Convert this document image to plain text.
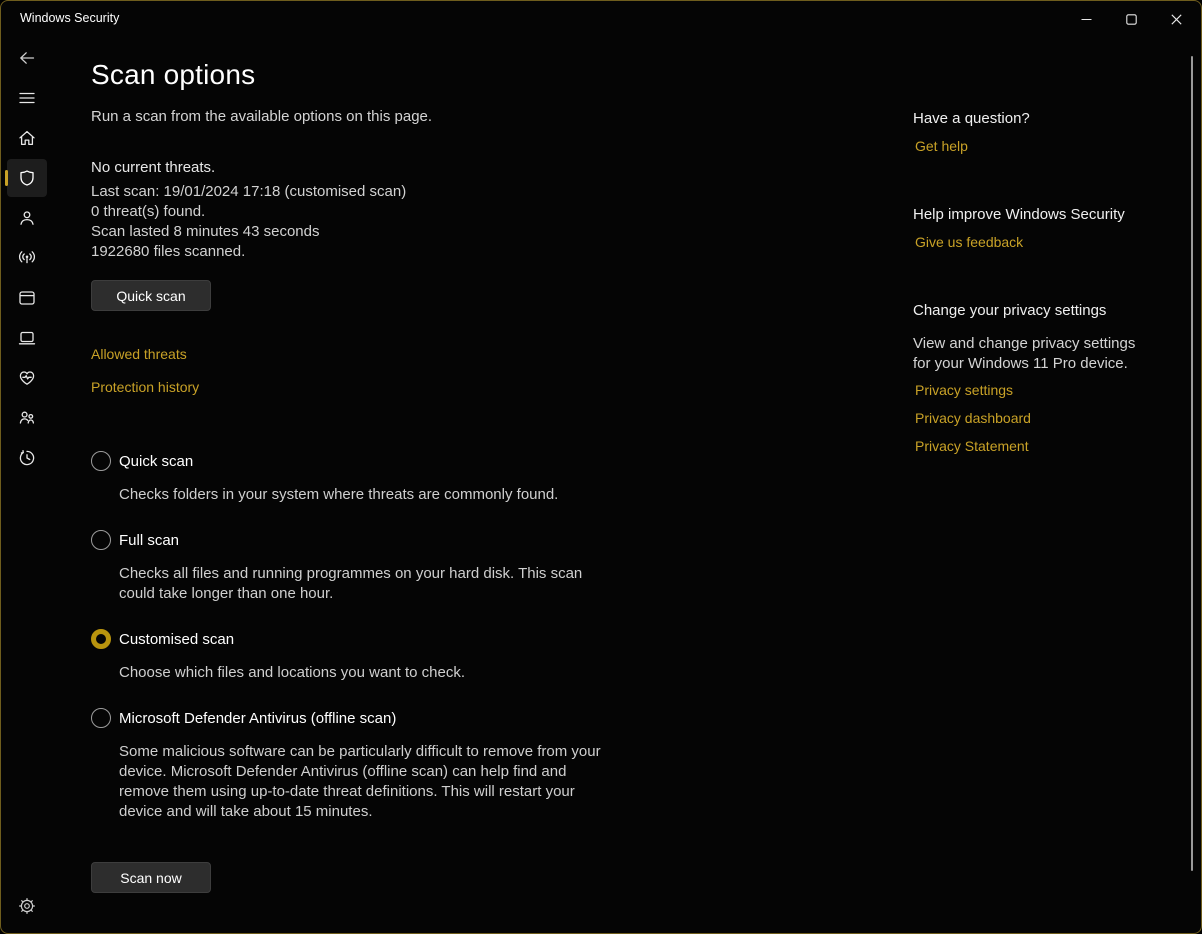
Windows Security
Scan options
Run a scan from the available options on this page.
No current threats.
Last scan: 19/01/2024 17:18 (customised scan)
0 threat(s) found.
Scan lasted 8 minutes 43 seconds
1922680 files scanned.
Quick scan
Allowed threats
Protection history
Quick scan
Checks folders in your system where threats are commonly found.
Full scan
Checks all files and running programmes on your hard disk. This scan could take longer than one hour.
Customised scan
Choose which files and locations you want to check.
Microsoft Defender Antivirus (offline scan)
Some malicious software can be particularly difficult to remove from your device. Microsoft Defender Antivirus (offline scan) can help find and remove them using up-to-date threat definitions. This will restart your device and will take about 15 minutes.
Scan now
Have a question?
Get help
Help improve Windows Security
Give us feedback
Change your privacy settings
View and change privacy settings for your Windows 11 Pro device.
Privacy settings
Privacy dashboard
Privacy Statement
